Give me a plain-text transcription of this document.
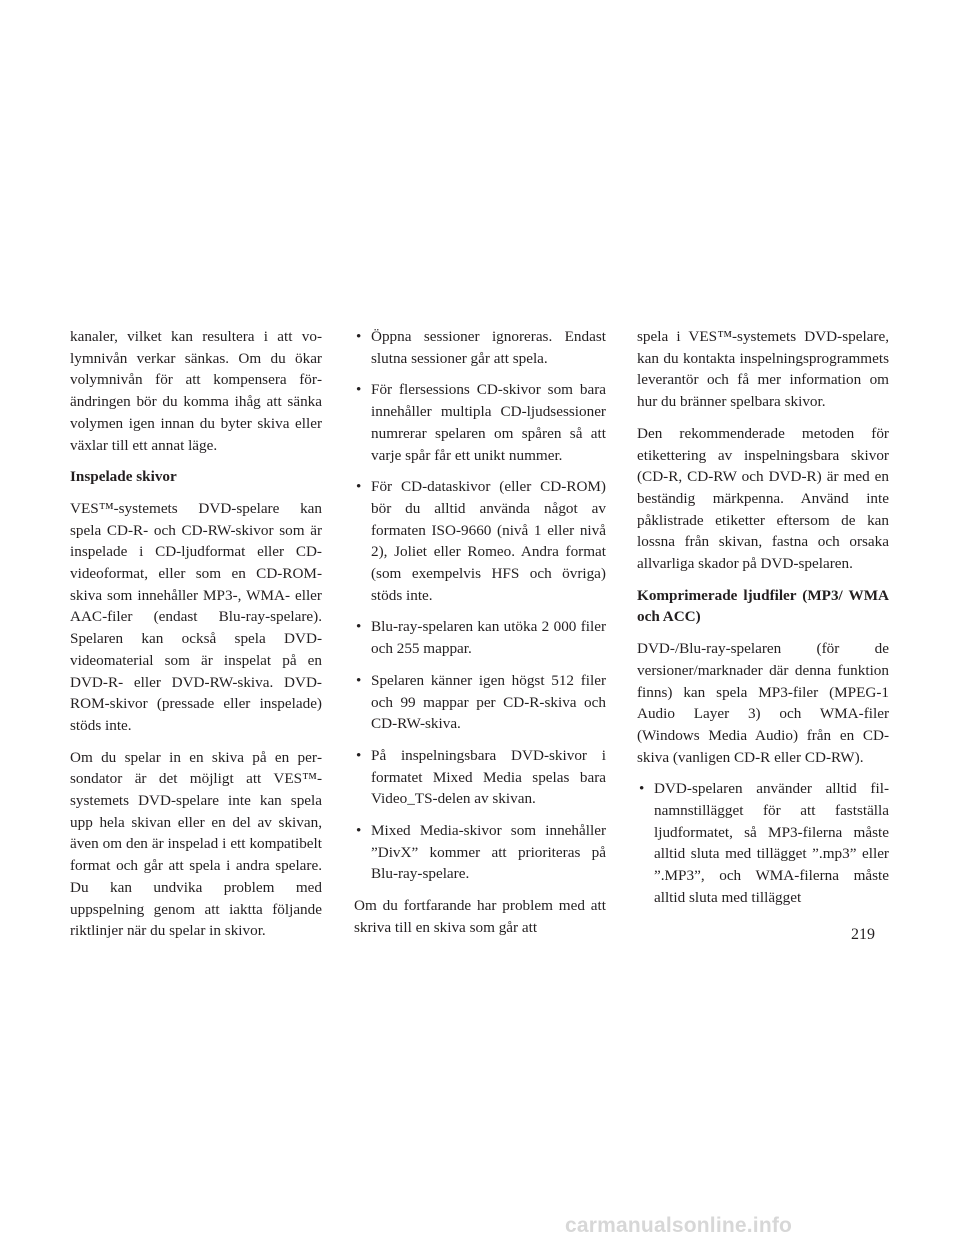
kanaler, vilket kan resultera i att volymnivån verkar sänkas. Om du ökar volymnivån för att kompensera förändringen bör du komma ihåg att sänka volymen igen innan du byter skiva eller växlar till ett annat läge.

Inspelade skivor

VES™-systemets DVD-spelare kan spela CD-R- och CD-RW-skivor som är inspelade i CD-ljudformat eller CD-videoformat, eller som en CD-ROM-skiva som innehåller MP3-, WMA- eller AAC-filer (endast Blu-ray-spelare). Spelaren kan också spela DVD-videomaterial som är inspelat på en DVD-R- eller DVD-RW-skiva. DVD-ROM-skivor (pressade eller inspelade) stöds inte.

Om du spelar in en skiva på en persondator är det möjligt att VES™-systemets DVD-spelare inte kan spela upp hela skivan eller en del av skivan, även om den är inspelad i ett kompatibelt format och går att spela i andra spelare. Du kan undvika problem med uppspelning genom att iaktta följande riktlinjer när du spelar in skivor.

• Öppna sessioner ignoreras. Endast slutna sessioner går att spela.
• För flersessions CD-skivor som bara innehåller multipla CD-ljudsessioner numrerar spelaren om spåren så att varje spår får ett unikt nummer.
• För CD-dataskivor (eller CD-ROM) bör du alltid använda något av formaten ISO-9660 (nivå 1 eller nivå 2), Joliet eller Romeo. Andra format (som exempelvis HFS och övriga) stöds inte.
• Blu-ray-spelaren kan utöka 2 000 filer och 255 mappar.
• Spelaren känner igen högst 512 filer och 99 mappar per CD-R-skiva och CD-RW-skiva.
• På inspelningsbara DVD-skivor i formatet Mixed Media spelas bara Video_TS-delen av skivan.
• Mixed Media-skivor som innehåller ”DivX” kommer att prioriteras på Blu-ray-spelare.

Om du fortfarande har problem med att skriva till en skiva som går att

spela i VES™-systemets DVD-spelare, kan du kontakta inspelningsprogrammets leverantör och få mer information om hur du bränner spelbara skivor.

Den rekommenderade metoden för etikettering av inspelningsbara skivor (CD-R, CD-RW och DVD-R) är med en beständig märkpenna. Använd inte påklistrade etiketter eftersom de kan lossna från skivan, fastna och orsaka allvarliga skador på DVD-spelaren.

Komprimerade ljudfiler (MP3/ WMA och ACC)

DVD-/Blu-ray-spelaren (för de versioner/marknader där denna funktion finns) kan spela MP3-filer (MPEG-1 Audio Layer 3) och WMA-filer (Windows Media Audio) från en CD-skiva (vanligen CD-R eller CD-RW).

• DVD-spelaren använder alltid filnamnstillägget för att fastställa ljudformatet, så MP3-filerna måste alltid sluta med tillägget ”.mp3” eller ”.MP3”, och WMA-filerna måste alltid sluta med tillägget
219
carmanualsonline.info
